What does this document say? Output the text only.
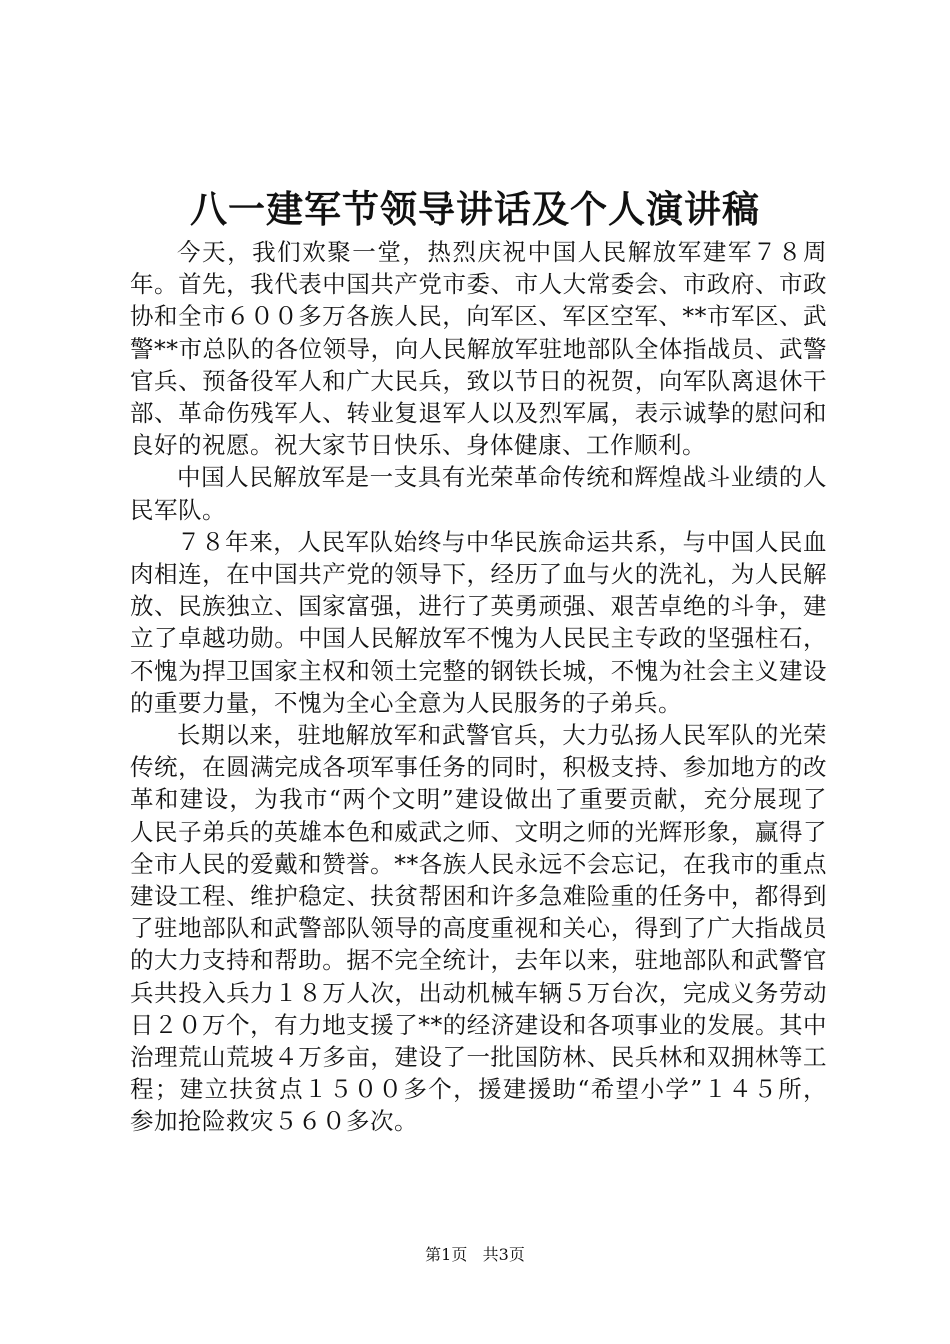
八一建军节领导讲话及个人演讲稿

今天，我们欢聚一堂，热烈庆祝中国人民解放军建军７８周年。首先，我代表中国共产党市委、市人大常委会、市政府、市政协和全市６００多万各族人民，向军区、军区空军、**市军区、武警**市总队的各位领导，向人民解放军驻地部队全体指战员、武警官兵、预备役军人和广大民兵，致以节日的祝贺，向军队离退休干部、革命伤残军人、转业复退军人以及烈军属，表示诚挚的慰问和良好的祝愿。祝大家节日快乐、身体健康、工作顺利。

中国人民解放军是一支具有光荣革命传统和辉煌战斗业绩的人民军队。

７８年来，人民军队始终与中华民族命运共系，与中国人民血肉相连，在中国共产党的领导下，经历了血与火的洗礼，为人民解放、民族独立、国家富强，进行了英勇顽强、艰苦卓绝的斗争，建立了卓越功勋。中国人民解放军不愧为人民民主专政的坚强柱石，不愧为捍卫国家主权和领土完整的钢铁长城，不愧为社会主义建设的重要力量，不愧为全心全意为人民服务的子弟兵。

长期以来，驻地解放军和武警官兵，大力弘扬人民军队的光荣传统，在圆满完成各项军事任务的同时，积极支持、参加地方的改革和建设，为我市“两个文明”建设做出了重要贡献，充分展现了人民子弟兵的英雄本色和威武之师、文明之师的光辉形象，赢得了全市人民的爱戴和赞誉。**各族人民永远不会忘记，在我市的重点建设工程、维护稳定、扶贫帮困和许多急难险重的任务中，都得到了驻地部队和武警部队领导的高度重视和关心，得到了广大指战员的大力支持和帮助。据不完全统计，去年以来，驻地部队和武警官兵共投入兵力１８万人次，出动机械车辆５万台次，完成义务劳动日２０万个，有力地支援了**的经济建设和各项事业的发展。其中治理荒山荒坡４万多亩，建设了一批国防林、民兵林和双拥林等工程；建立扶贫点１５００多个，援建援助“希望小学”１４５所，参加抢险救灾５６０多次。

第1页 共3页
